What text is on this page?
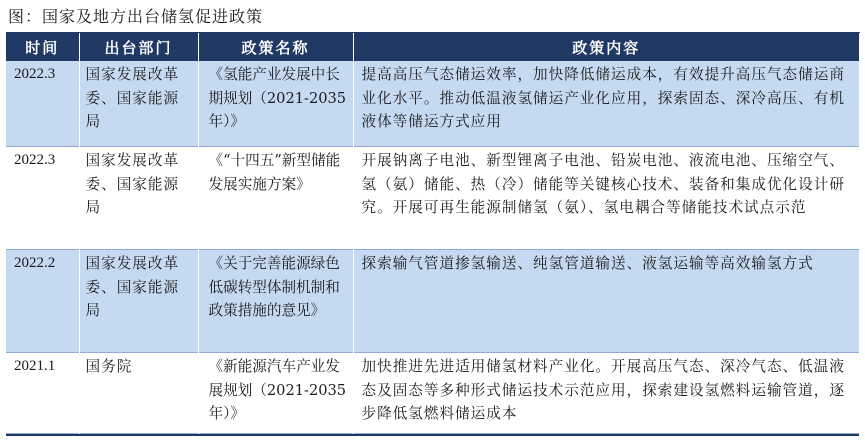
图：国家及地方出台储氢促进政策
时间	出台部门	政策名称	政策内容
2022.3	国家发展改革委、国家能源局	《氢能产业发展中长期规划（2021-2035年）》	提高高压气态储运效率，加快降低储运成本，有效提升高压气态储运商业化水平。推动低温液氢储运产业化应用，探索固态、深冷高压、有机液体等储运方式应用
2022.3	国家发展改革委、国家能源局	《“十四五”新型储能发展实施方案》	开展钠离子电池、新型锂离子电池、铅炭电池、液流电池、压缩空气、氢（氨）储能、热（冷）储能等关键核心技术、装备和集成优化设计研究。开展可再生能源制储氢（氨）、氢电耦合等储能技术试点示范
2022.2	国家发展改革委、国家能源局	《关于完善能源绿色低碳转型体制机制和政策措施的意见》	探索输气管道掺氢输送、纯氢管道输送、液氢运输等高效输氢方式
2021.1	国务院	《新能源汽车产业发展规划（2021-2035年）》	加快推进先进适用储氢材料产业化。开展高压气态、深冷气态、低温液态及固态等多种形式储运技术示范应用，探索建设氢燃料运输管道，逐步降低氢燃料储运成本
